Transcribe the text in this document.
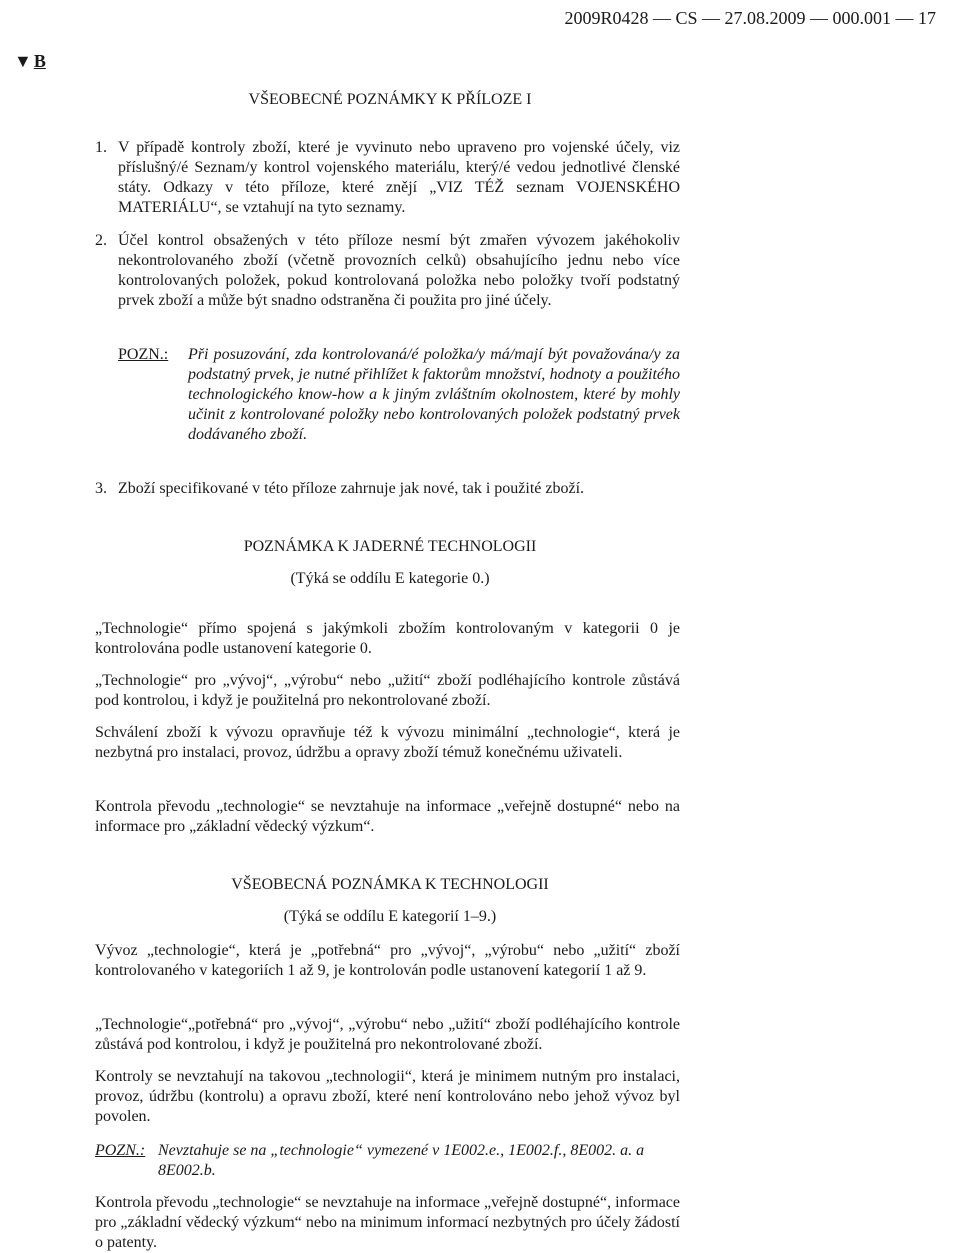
2009R0428 — CS — 27.08.2009 — 000.001 — 17
▼ B
VŠEOBECNÉ POZNÁMKY K PŘÍLOZE I
1. V případě kontroly zboží, které je vyvinuto nebo upraveno pro vojenské účely, viz příslušný/é Seznam/y kontrol vojenského materiálu, který/é vedou jednotlivé členské státy. Odkazy v této příloze, které znějí „VIZ TÉŽ seznam VOJENSKÉHO MATERIÁLU“, se vztahují na tyto seznamy.
2. Účel kontrol obsažených v této příloze nesmí být zmařen vývozem jakéhokoliv nekontrolovaného zboží (včetně provozních celků) obsahujícího jednu nebo více kontrolovaných položek, pokud kontrolovaná položka nebo položky tvoří podstatný prvek zboží a může být snadno odstraněna či použita pro jiné účely.
POZN.: Při posuzování, zda kontrolovaná/é položka/y má/mají být považována/y za podstatný prvek, je nutné přihlížet k faktorům množství, hodnoty a použitého technologického know-how a k jiným zvláštním okolnostem, které by mohly učinit z kontrolované položky nebo kontrolovaných položek podstatný prvek dodávaného zboží.
3. Zboží specifikované v této příloze zahrnuje jak nové, tak i použité zboží.
POZNÁMKA K JADERNÉ TECHNOLOGII
(Týká se oddílu E kategorie 0.)
„Technologie“ přímo spojená s jakýmkoli zbožím kontrolovaným v kategorii 0 je kontrolována podle ustanovení kategorie 0.
„Technologie“ pro „vývoj“, „výrobu“ nebo „užití“ zboží podléhajícího kontrole zůstává pod kontrolou, i když je použitelná pro nekontrolované zboží.
Schválení zboží k vývozu opravňuje též k vývozu minimální „technologie“, která je nezbytná pro instalaci, provoz, údržbu a opravy zboží témuž konečnému uživateli.
Kontrola převodu „technologie“ se nevztahuje na informace „veřejně dostupné“ nebo na informace pro „základní vědecký výzkum“.
VŠEOBECNÁ POZNÁMKA K TECHNOLOGII
(Týká se oddílu E kategorií 1–9.)
Vývoz „technologie“, která je „potřebná“ pro „vývoj“, „výrobu“ nebo „užití“ zboží kontrolovaného v kategoriích 1 až 9, je kontrolován podle ustanovení kategorií 1 až 9.
„Technologie“„potřebná“ pro „vývoj“, „výrobu“ nebo „užití“ zboží podléhajícího kontrole zůstává pod kontrolou, i když je použitelná pro nekontrolované zboží.
Kontroly se nevztahují na takovou „technologii“, která je minimem nutným pro instalaci, provoz, údržbu (kontrolu) a opravu zboží, které není kontrolováno nebo jehož vývoz byl povolen.
POZN.: Nevztahuje se na „technologie“ vymezené v 1E002.e., 1E002.f., 8E002. a. a 8E002.b.
Kontrola převodu „technologie“ se nevztahuje na informace „veřejně dostupné“, informace pro „základní vědecký výzkum“ nebo na minimum informací nezbytných pro účely žádostí o patenty.
